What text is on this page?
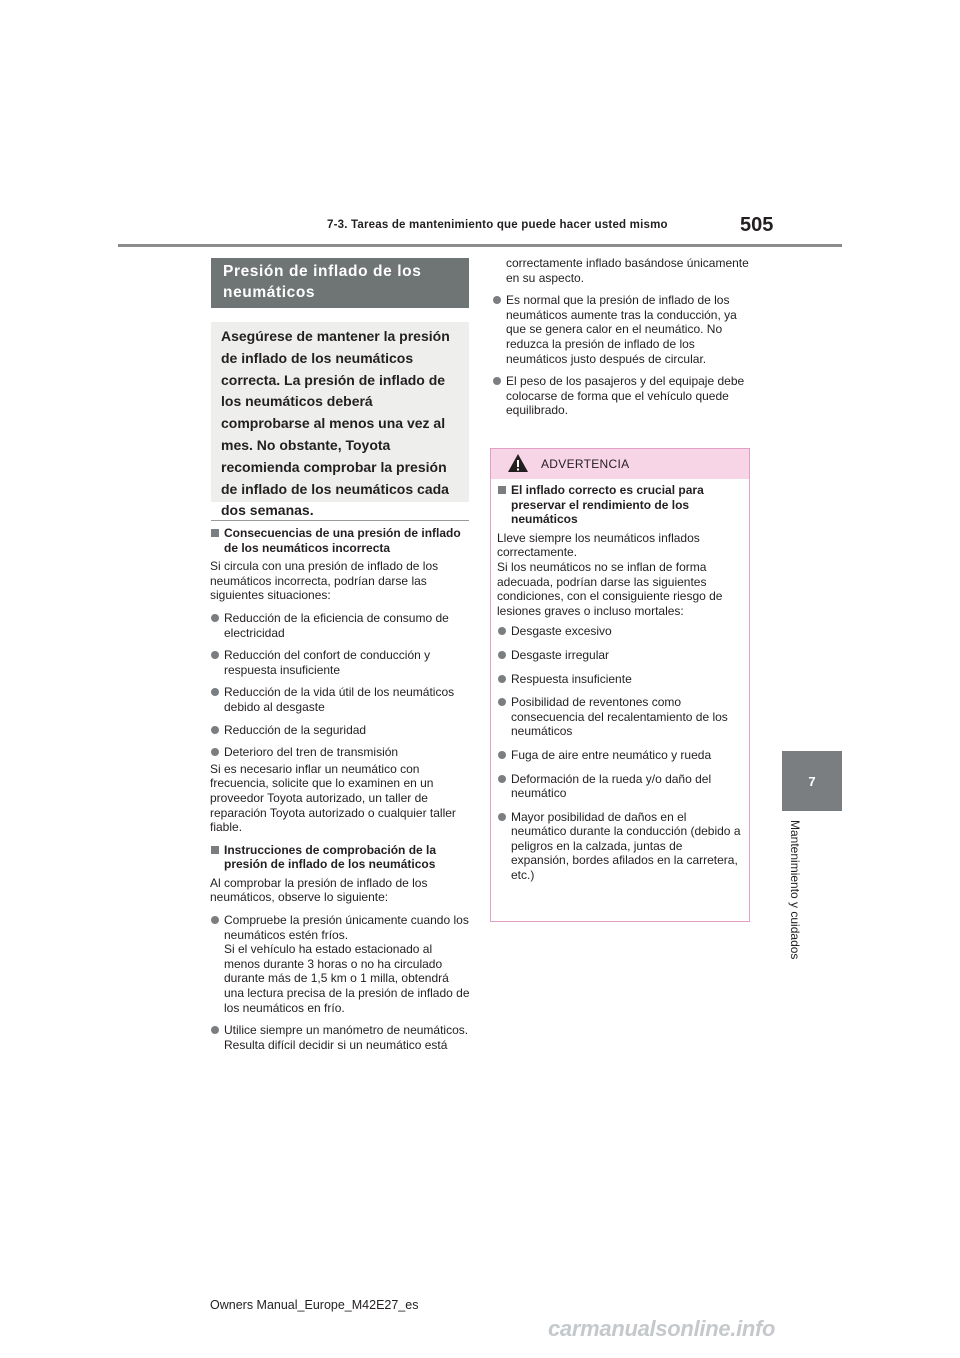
7-3. Tareas de mantenimiento que puede hacer usted mismo	505
7
Mantenimiento y cuidados
Presión de inflado de los neumáticos
Asegúrese de mantener la presión de inflado de los neumáticos correcta. La presión de inflado de los neumáticos deberá comprobarse al menos una vez al mes. No obstante, Toyota recomienda comprobar la presión de inflado de los neumáticos cada dos semanas.

Consecuencias de una presión de inflado de los neumáticos incorrecta

Si circula con una presión de inflado de los neumáticos incorrecta, podrían darse las siguientes situaciones:

Reducción de la eficiencia de consumo de electricidad

Reducción del confort de conducción y respuesta insuficiente

Reducción de la vida útil de los neumáticos debido al desgaste

Reducción de la seguridad

Deterioro del tren de transmisión

Si es necesario inflar un neumático con frecuencia, solicite que lo examinen en un proveedor Toyota autorizado, un taller de reparación Toyota autorizado o cualquier taller fiable.

Instrucciones de comprobación de la presión de inflado de los neumáticos

Al comprobar la presión de inflado de los neumáticos, observe lo siguiente:

Compruebe la presión únicamente cuando los neumáticos estén fríos.
Si el vehículo ha estado estacionado al menos durante 3 horas o no ha circulado durante más de 1,5 km o 1 milla, obtendrá una lectura precisa de la presión de inflado de los neumáticos en frío.
Utilice siempre un manómetro de neumáticos.
Resulta difícil decidir si un neumático está

correctamente inflado basándose únicamente en su aspecto.

Es normal que la presión de inflado de los neumáticos aumente tras la conducción, ya que se genera calor en el neumático. No reduzca la presión de inflado de los neumáticos justo después de circular.

El peso de los pasajeros y del equipaje debe colocarse de forma que el vehículo quede equilibrado.

ADVERTENCIA

El inflado correcto es crucial para preservar el rendimiento de los neumáticos

Lleve siempre los neumáticos inflados correctamente.
Si los neumáticos no se inflan de forma adecuada, podrían darse las siguientes condiciones, con el consiguiente riesgo de lesiones graves o incluso mortales:

Desgaste excesivo

Desgaste irregular

Respuesta insuficiente

Posibilidad de reventones como consecuencia del recalentamiento de los neumáticos

Fuga de aire entre neumático y rueda

Deformación de la rueda y/o daño del neumático

Mayor posibilidad de daños en el neumático durante la conducción (debido a peligros en la calzada, juntas de expansión, bordes afilados en la carretera, etc.)

Owners Manual_Europe_M42E27_es
carmanualsonline.info
